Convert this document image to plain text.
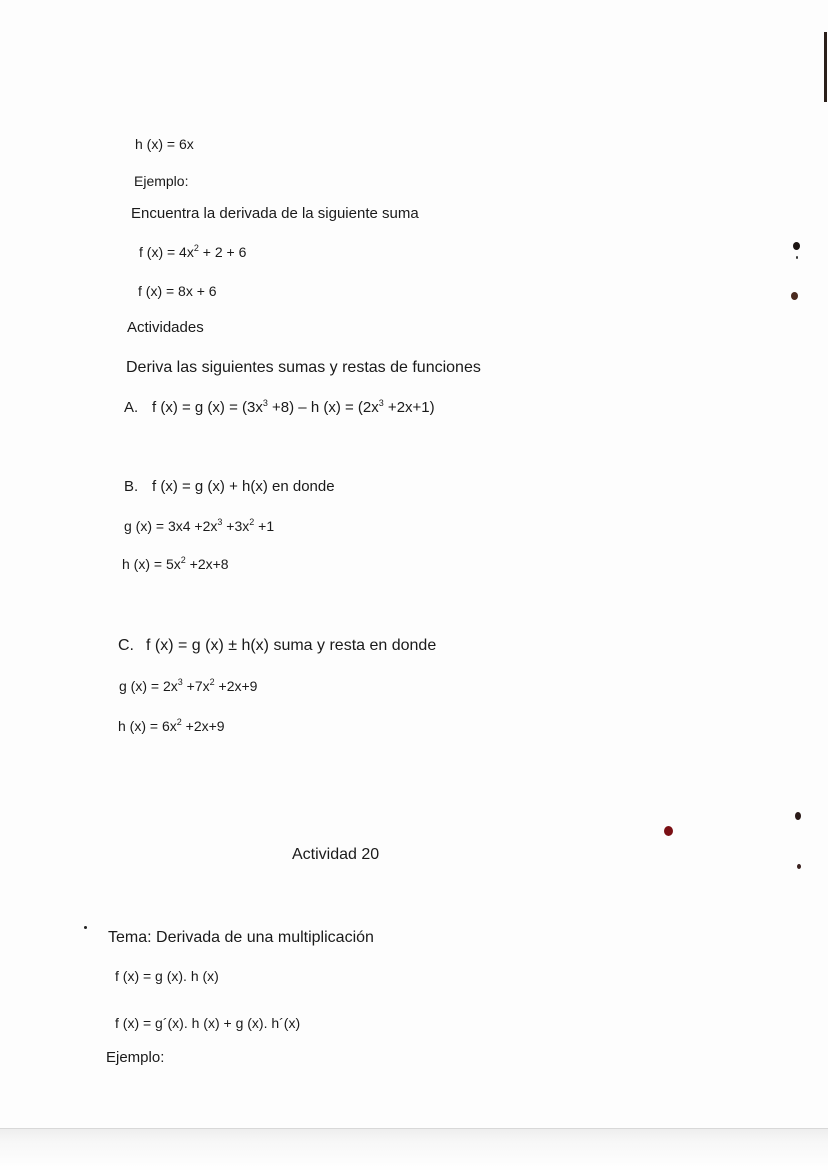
h (x) = 6x
Ejemplo:
Encuentra la derivada de la siguiente suma
f $(x) = 4x^2 + 2 + 6$
f (x) = 8x + 6
Actividades
Deriva las siguientes sumas y restas de funciones
A. f (x) = g $(x) = (3x^3 +8) - h$ $(x) = (2x^3 +2x+1)$
B. f (x) = g (x) + h(x) en donde
g $(x) = 3x4 +2x^3 +3x^2 +1$
h $(x) = 5x^2 +2x+8$
C. f (x) = g (x) ± h(x) suma y resta en donde
g $(x) = 2x^3 +7x^2 +2x+9$
h $(x) = 6x^2 +2x+9$
Actividad 20
Tema: Derivada de una multiplicación
f (x) = g (x). h (x)
f (x) = g´(x). h (x) + g (x). h´(x)
Ejemplo:
